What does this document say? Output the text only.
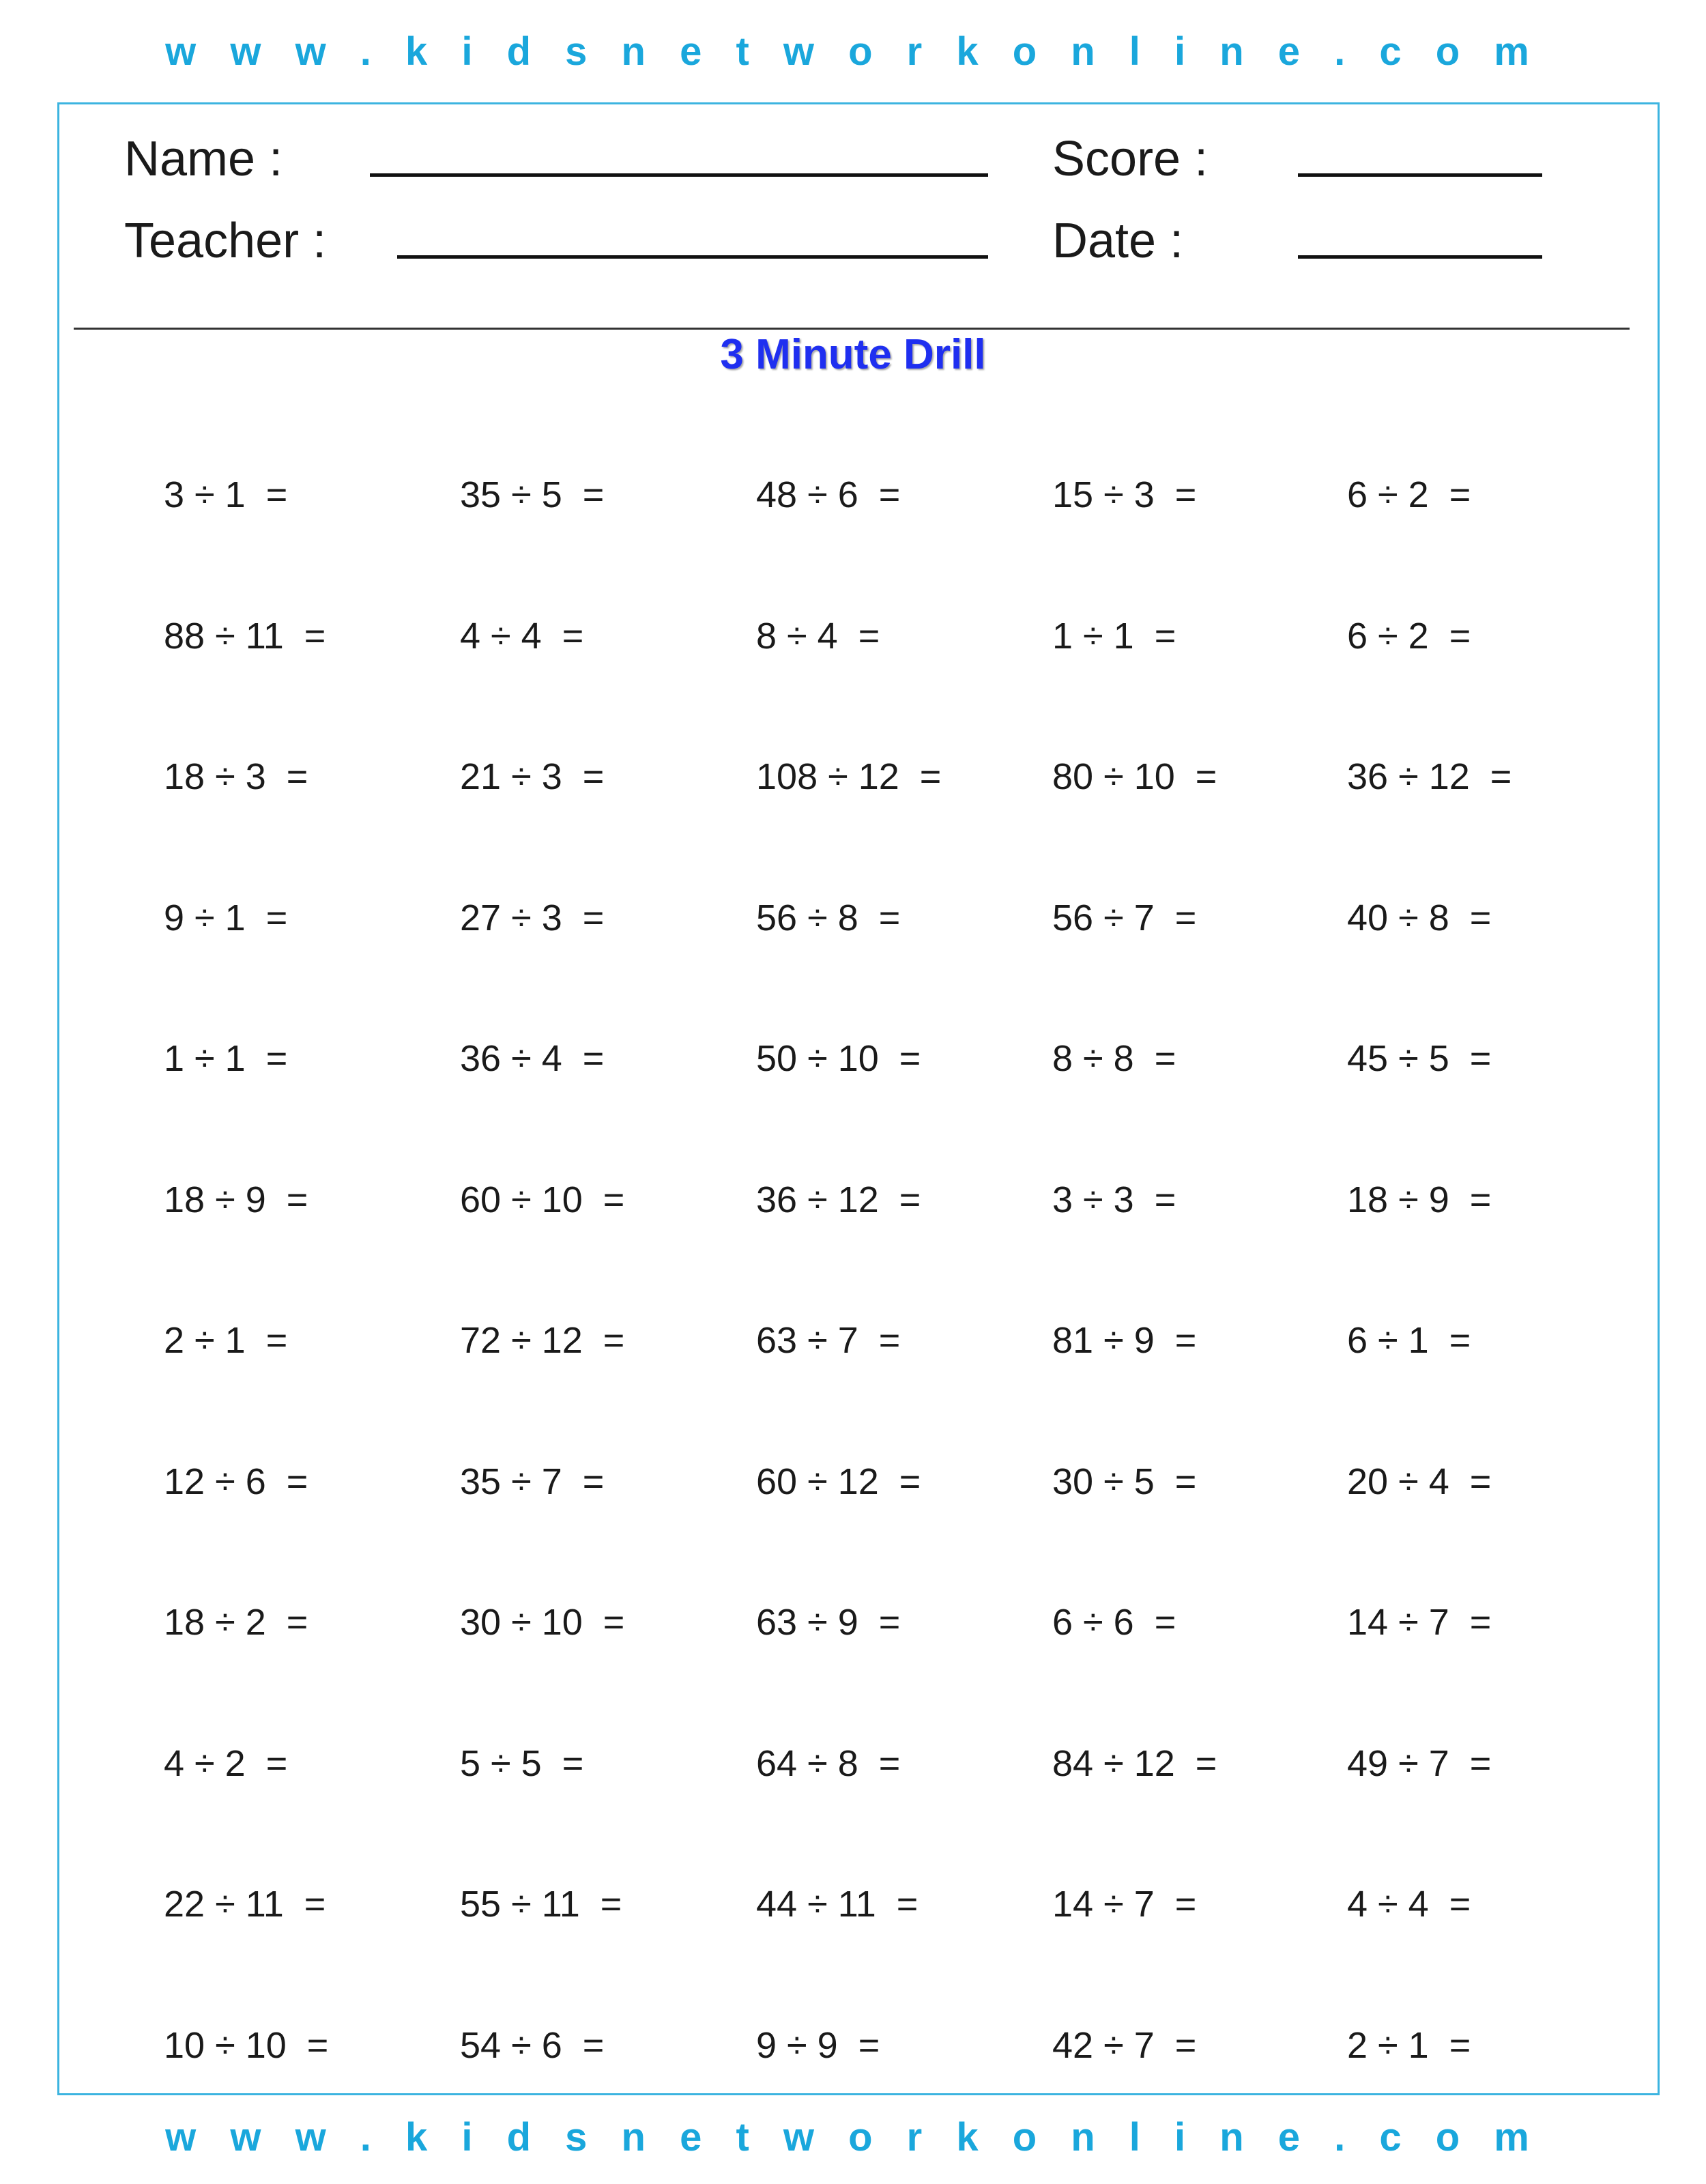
w w w . k i d s n e t w o r k o n l i n e . c o m
Name :
Teacher :
Score :
Date :
3 Minute Drill
3 ÷ 1  =	35 ÷ 5  =	48 ÷ 6  =	15 ÷ 3  =	6 ÷ 2  =
88 ÷ 11  =	4 ÷ 4  =	8 ÷ 4  =	1 ÷ 1  =	6 ÷ 2  =
18 ÷ 3  =	21 ÷ 3  =	108 ÷ 12  =	80 ÷ 10  =	36 ÷ 12  =
9 ÷ 1  =	27 ÷ 3  =	56 ÷ 8  =	56 ÷ 7  =	40 ÷ 8  =
1 ÷ 1  =	36 ÷ 4  =	50 ÷ 10  =	8 ÷ 8  =	45 ÷ 5  =
18 ÷ 9  =	60 ÷ 10  =	36 ÷ 12  =	3 ÷ 3  =	18 ÷ 9  =
2 ÷ 1  =	72 ÷ 12  =	63 ÷ 7  =	81 ÷ 9  =	6 ÷ 1  =
12 ÷ 6  =	35 ÷ 7  =	60 ÷ 12  =	30 ÷ 5  =	20 ÷ 4  =
18 ÷ 2  =	30 ÷ 10  =	63 ÷ 9  =	6 ÷ 6  =	14 ÷ 7  =
4 ÷ 2  =	5 ÷ 5  =	64 ÷ 8  =	84 ÷ 12  =	49 ÷ 7  =
22 ÷ 11  =	55 ÷ 11  =	44 ÷ 11  =	14 ÷ 7  =	4 ÷ 4  =
10 ÷ 10  =	54 ÷ 6  =	9 ÷ 9  =	42 ÷ 7  =	2 ÷ 1  =
w w w . k i d s n e t w o r k o n l i n e . c o m
